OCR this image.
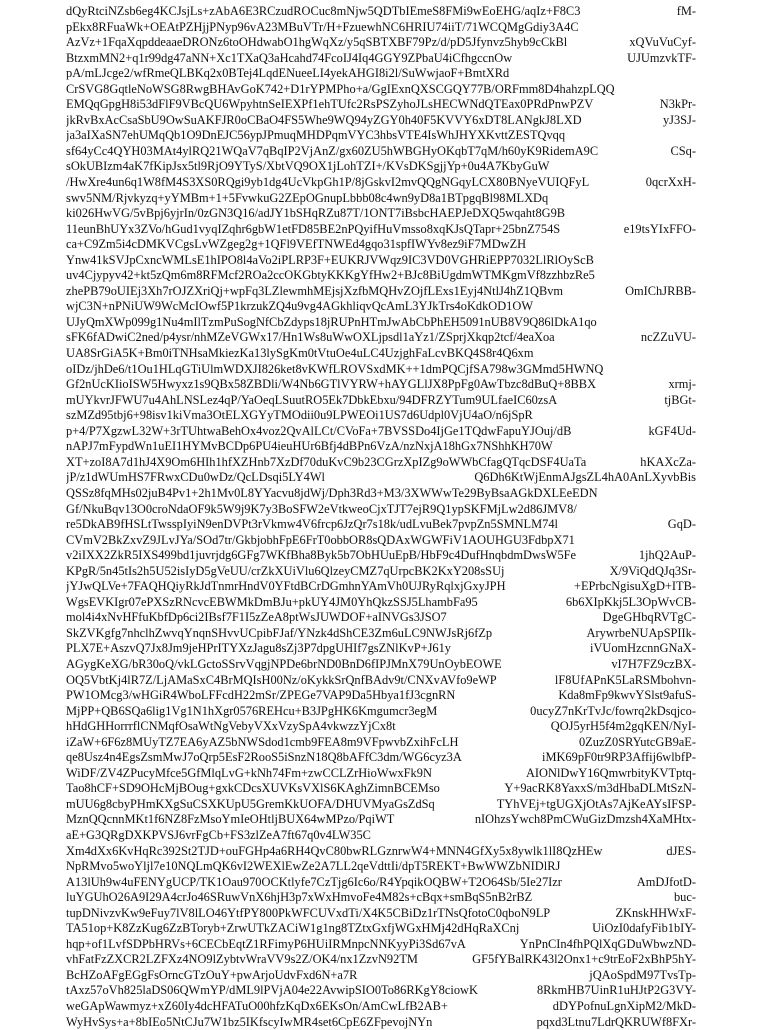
dQyRtciNZsb6eg4KCJsjLs+zAbA6E3RCzudROCuc8mNjw5QDTbIEmeS8FMi9wEoEHG/aqIz+F8C3 fM-
pEkx8RFuaWk+OEAtPZHjjPNyp96vA23MBuVTr/H+FzuewhNC6HRIU74iiT/71WCQMgGdiy3A4C
AzVz+1FqaXqpddeaaeDRONz6toOHdwabO1hgWqXz/y5qSBTXBF79Pz/d/pD5Jfynvz5hyb9cCkBl xQVuVuCyf-
BtzxmMN2+q1r99dg47aNN+Xc1TXaQ3aHcahd74FcoIJ4Iq4GGY9ZPbaU4iCfhgccnOw UJUmzvkTF-
pA/mLJcge2/wfRmeQLBKq2x0BTej4LqdENueeLI4yekAHGI8i2l/SuWwjaoF+BmtXRd
CrSVG8GqtleNoWSG8RwgBHAvGoK742+D1rYPMPho+a/GgIExnQXSCGQY77B/ORFmm8D4hahzpLQQ
EMQqGpgH8i53dFlF9VBcQU6WpyhtnSeIEXPf1ehTUfc2RsPSZyhoJLsHECWNdQTEax0PRdPnwPZV N3kPr-
jkRvBxAcCsaSbU9OwSuAKFJR0oCBaO4FS5Whe9WQ94yZGY0h40F5KVVY6xDT8LANgkJ8LXD yJ3SJ-
ja3aIXaSN7ehUMqQb1O9DnEJC56ypJPmuqMHDPqmVYC3hbsVTE4IsWhJHYXKvttZESTQvqq
sf64yCc4QYH03MAt4ylRQ21WQaV7qBqIP2VjAnZ/gx60ZU5hWBGHyOKqbT7qM/h60yK9RidemA9C CSq-
sOkUBIzm4aK7fKipJsx5tl9RjO9YTyS/XbtVQ9OX1jLohTZI+/KVsDKSgjjYp+0u4A7KbyGuW
/HwXre4un6q1W8fM4S3XS0RQgi9yb1dg4UcVkpGh1P/8jGskvI2mvQQgNGqyLCX80BNyeVUIQFyL 0qcrXxH-
swv5NM/Rjvkyzq+yYMBm+1+5FvwkuG2ZEpOGnupLbbb08c4wn9yD8a1BTpgqBl98MLXDq
ki026HwVG/5vBpj6yjrIn/0zGN3Q16/adJY1bSHqRZu87T/1ONT7iBsbcHAEPJeDXQ5wqaht8G9B
11eunBhUYx3ZVo/hGud1vyqIZqhr6gbW1etFD85BE2nPQyifHuVmsso8xqKJsQTapr+25bnZ754S e19tsYIxFFO-
ca+C9Zm5i4cDMKVCgsLvWZgeg2g+1QFl9VEfTNWEd4gqo31spfIWYv8ez9iF7MDwZH
Ynw41kSVJpCxncWMLsE1hIPO8l4aVo2iPLRP3F+EUKRJVWqz9IC3VD0VGHRiEPP7032LlRlOyScB
uv4Cjypyv42+kt5zQm6m8RFMcf2ROa2ccOKGbtyKKKgYfHw2+BJc8BiUgdmWTMKgmVf8zzhbzRe5
zhePB79oUIEj3Xh7rOJZXriQj+wpFq3LZlewmhMEjsjXzfbMQHvZOjfLExs1Eyj4NtlJ4hZ1QBvm OmIChJRBB-
wjC3N+nPNiUW9WcMcIOwf5P1krzukZQ4u9vg4AGkhliqvQcAmL3YJkTrs4oKdkOD1OW
UJyQmXWp099g1Nu4mIlTzmPuSogNfCbZdyps18jRUPnHTmJwAbCbPhEH5091nUB8V9Q86lDkA1qo
sFK6fADwiC2ned/p4ysr/nhMZeVGWx17/Hn1Ws8uWwOXLjpsdl1aYz1/ZSprjXkqp2tcf/4eaXoa ncZZuVU-
UA8SrGiA5K+Bm0iTNHsaMkiezKa13lySgKm0tVtuOe4uLC4UzjghFaLcvBKQ4S8r4Q6xm
oIDz/jhDe6/t1Ou1HLqGTiUlmWDXJI826ket8vKWfLROVSxdMK++1dmPQCjfSA798w3GMmd5HWNQ
Gf2nUcKIioISW5Hwyxz1s9QBx58ZBDli/W4Nb6GTlVYRW+hAYGLlJX8PpFg0AwTbzc8dBuQ+8BBX xrmj-
mUYkvrJFWU7u4AhLNSLez4qP/YaOeqLSuutRO5Ek7DbkEbxu/94DFRZYTum9ULfaeIC60zsA tjBGt-
szMZd95tbj6+98isv1kiVma3OtELXGYyTMOdii0u9LPWEOi1US7d6Udpl0VjU4aO/n6jSpR
p+4/P7XgzwL32W+3rTUhtwaBehOx4voz2QvAlLCt/CVoFa+7BVSSDo4IjGe1TQdwFapuYJOuj/dB kGF4Ud-
nAPJ7mFypdWn1uEI1HYMvBCDp6PU4ieuHUr6Bfj4dBPn6VzA/nzNxjA18hGx7NShhKH70W
XT+zoI8A7d1hJ4X9Om6HIh1hfXZHnb7XzDf70duKvC9b23CGrzXpIZg9oWWbCfagQTqcDSF4UaTa hKAXcZa-
jP/z1dWUmHS7FRwxCDu0wDz/QcLDsqi5LY4Wl Q6Dh6KtWjEnmAJgsZL4hA0AnLXyvbBis
QSSz8fqMHs02juB4Pv1+2h1Mv0L8YYacvu8jdWj/Dph3Rd3+M3/3XWWwTe29ByBsaAGkDXLEeEDN
Gf/NkuBqv13O0croNdaOF9k5W9j9K7y3BoSFW2eVtkweoCjxTJT7ejR9Q1ypSKFMjLw2d86JMV8/
re5DkAB9fHSLtTwsspIyiN9enDVPt3rVkmw4V6frcp6JzQr7s18k/udLvuBek7pvpZn5SMNLM74l GqD-
CVmV2BkZxvZ9JLvJYa/SOd7tr/GkbjobhFpE6FrT0obbOR8sQDAxWGWFiV1AOUHGU3FdbpX71
v2iIXX2ZkR5IXS499bd1juvrjdg6GFg7WKfBha8Byk5b7ObHUuEpB/HbF9c4DufHnqbdmDwsW5Fe 1jhQ2AuP-
KPgR/5n45tIs2h5U52isIyD5gVeUU/crZkXUiVlu6QlzeyCMZ7qUrpcBK2KxY208sSUj X/9ViQdQJq3Sr-
jYJwQLVe+7FAQHQiyRkJdTnmrHndV0YFtdBCrDGmhnYAmVh0UJRyRqlxjGxyJPH +EPrbcNgisuXgD+ITB-
WgsEVKIgr07ePXSzRNcvcEBWMkDmBJu+pkUY4JM0YhQkzSSJ5LhambFa95 6b6XIpKkj5L3OpWvCB-
mol4i4xNvHFfuKbfDp6ci2IBsf7F1I5zZeA8ptWsJUWDOF+aINVGs3JSO7 DgeGHbqRVTgC-
SkZVKgfg7nhclhZwvqYnqnSHvvUCpibFJaf/YNzk4dShCE3Zm6uLC9NWJsRj6fZp ArywrbeNUApSPIIk-
PLX7E+AszvQ7Jx8Jm9jeHPrITYXzJagu8sZj3P7dpgUHIf7gsZNlKvP+J61y iVUomHzcnnGNaX-
AGygKeXG/bR30oQ/vkLGctoSSrvVqgjNPDe6brND0BnD6fIPJMnX79UnOybEOWE vI7H7FZ9czBX-
OQ5VbtKj4lR7Z/LjAMaSxC4BrMQIsH00Nz/oKykkSrQnfBAdv9t/CNXvAVfo9eWP lF8UfAPnK5LaRSMbohvn-
PW1OMcg3/wHGiR4WboLFFcdH22mSr/ZPEGe7VAP9Da5Hbya1fJ3cgnRN Kda8mFp9kwvYSlst9afuS-
MjPP+QB6SQa6lig1Vg1N1hXgr0576REHcu+B3JPgHK6Kmgumcr3egM 0ucyZ7nKrTvJc/fowrq2kDsqjco-
hHdGHHorrrflCNMqfOsaWtNgVebyVXxVzySpA4vkwzzYjCx8t QOJ5yrH5f4m2gqKEN/NyI-
iZaW+6F6z8MUyTZ7EA6yAZ5bNWSdod1cmb9FEA8m9VFpwvbZxihFcLH 0ZuzZ0SRYutcGB9aE-
qe8Usz4n4EgsZsmMwJ7oQrp5EsF2RooS5iSnzN18Q8bAFfC3dm/WG6cyz3A iMK69pF0tr9RP3Affij6wlbfP-
WiDF/ZV4ZPucyMfce5GfMlqLvG+kNh74Fm+zwCCLZrHioWwxFk9N AIONlDwY16QmwrbityKVTptq-
Tao8hCF+SD9OHcMjBOug+gxkCDcsXUVKsVXlS6KAghZimnBCEMso Y+9acRK8YaxxS/m3dHbaDLMtSzN-
mUU6g8cbyPHmKXgSuCSXKUpU5GremKkUOFA/DHUVMyaGsZdSq TYhVEj+tgUGXjOtAs7AjKeAYsIFSP-
MznQQcnnMKt1f6NZ8FzMsoYmIeOHtljBUX64wMPzo/PqiWT nIOhzsYwch8PmCWuGizDmzsh4XaMHtx-
aE+G3QRgDXKPVSJ6vrFgCb+FS3zlZeA7ft67q0v4LW35C
Xm4dXx6KvHqRc392St2TJD+ouFGHp4a6RH4QvC80bwRLGznrwW4+MNN4GfXy5x8ywlk1lI8QzHEw dJES-
NpRMvo5woYljl7e10NQLmQK6vI2WEXlEwZe2A7LL2qeVdttIi/dpT5REKT+BwWWZbNIDlRJ
A13lUh9w4uFENYgUCP/TK1Oau970OCKtlyfe7CzTjg6Ic6o/R4YpqikOQBW+T2O64Sb/5Ie27Izr AmDJfotD-
luYGUhO26A9I29A4crJo46SRuwVnX6hjH3p7xWxHmvoFe4M82s+cBqx+smBqS5nB2rBZ buc-
tupDNivzvKw9eFuy7lV8lLO46YtfPY800PkWFCUVxdTi/X4K5CBiDz1rTNsQfotoC0qboN9LP ZKnskHHWxF-
TA51op+K8ZzKug6ZzBToryb+ZrwUTkZACiW1g1ng8TZtxGxfjWGxHMj42dHqRaXCnj UiOzI0dafyFib1bIY-
hqp+of1LvfSDPbHRVs+6CECbEqtZ1RFimyP6HUiIRMnpcNNKyyPi3Sd67vA YnPnCIn4fhPQlXqGDuWbwzND-
vhFatFzZXCR2LZFXz4NO9lZybtvWraVV9s2Z/OK4/nx1ZzvN92TM GF5fYBalRK43l2Onx1+c9trEoF2xBhP5hY-
BcHZoAFgEGgFsOrncGTzOuY+pwArjoUdvFxd6N+a7R jQAoSpdM97TvsTp-
tAxz57oVh825laDS06QWmYP/dML9lPVjA04e22AvwipSIO0To86RKgY8ciowK 8RkmHB7UinR1uHJtP2G3VY-
weGApWawmyz+xZ60Iy4dcHFATuO00hfzKqDx6EKsOn/AmCwLfB2AB+ dDYPofnuLgnXipM2/MkD-
WyHvSys+a+8bIEo5NtCJu7W1bz5IKfscyIwMR4set6CpE6ZFpevojNYn pqxd3Ltnu7LdrQKRUWf8FXr-
